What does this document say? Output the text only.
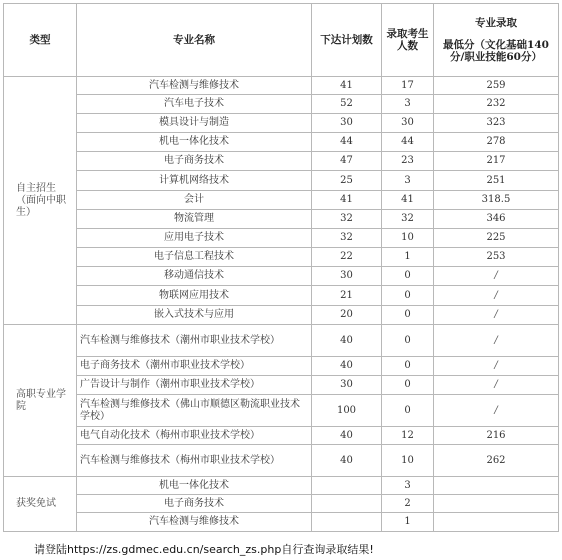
类型	专业名称	下达计划数	录取考生人数	专业录取
最低分（文化基础140分/职业技能60分）

自主招生（面向中职生）	汽车检测与维修技术	41	17	259
	汽车电子技术	52	3	232
	模具设计与制造	30	30	323
	机电一体化技术	44	44	278
	电子商务技术	47	23	217
	计算机网络技术	25	3	251
	会计	41	41	318.5
	物流管理	32	32	346
	应用电子技术	32	10	225
	电子信息工程技术	22	1	253
	移动通信技术	30	0	/
	物联网应用技术	21	0	/
	嵌入式技术与应用	20	0	/
高职专业学院	汽车检测与维修技术（潮州市职业技术学校）	40	0	/
	电子商务技术（潮州市职业技术学校）	40	0	/
	广告设计与制作（潮州市职业技术学校）	30	0	/
	汽车检测与维修技术（佛山市顺德区勒流职业技术学校）	100	0	/
	电气自动化技术（梅州市职业技术学校）	40	12	216
	汽车检测与维修技术（梅州市职业技术学校）	40	10	262
获奖免试	机电一体化技术		3	
	电子商务技术		2	
	汽车检测与维修技术		1	
请登陆https://zs.gdmec.edu.cn/search_zs.php自行查询录取结果!
